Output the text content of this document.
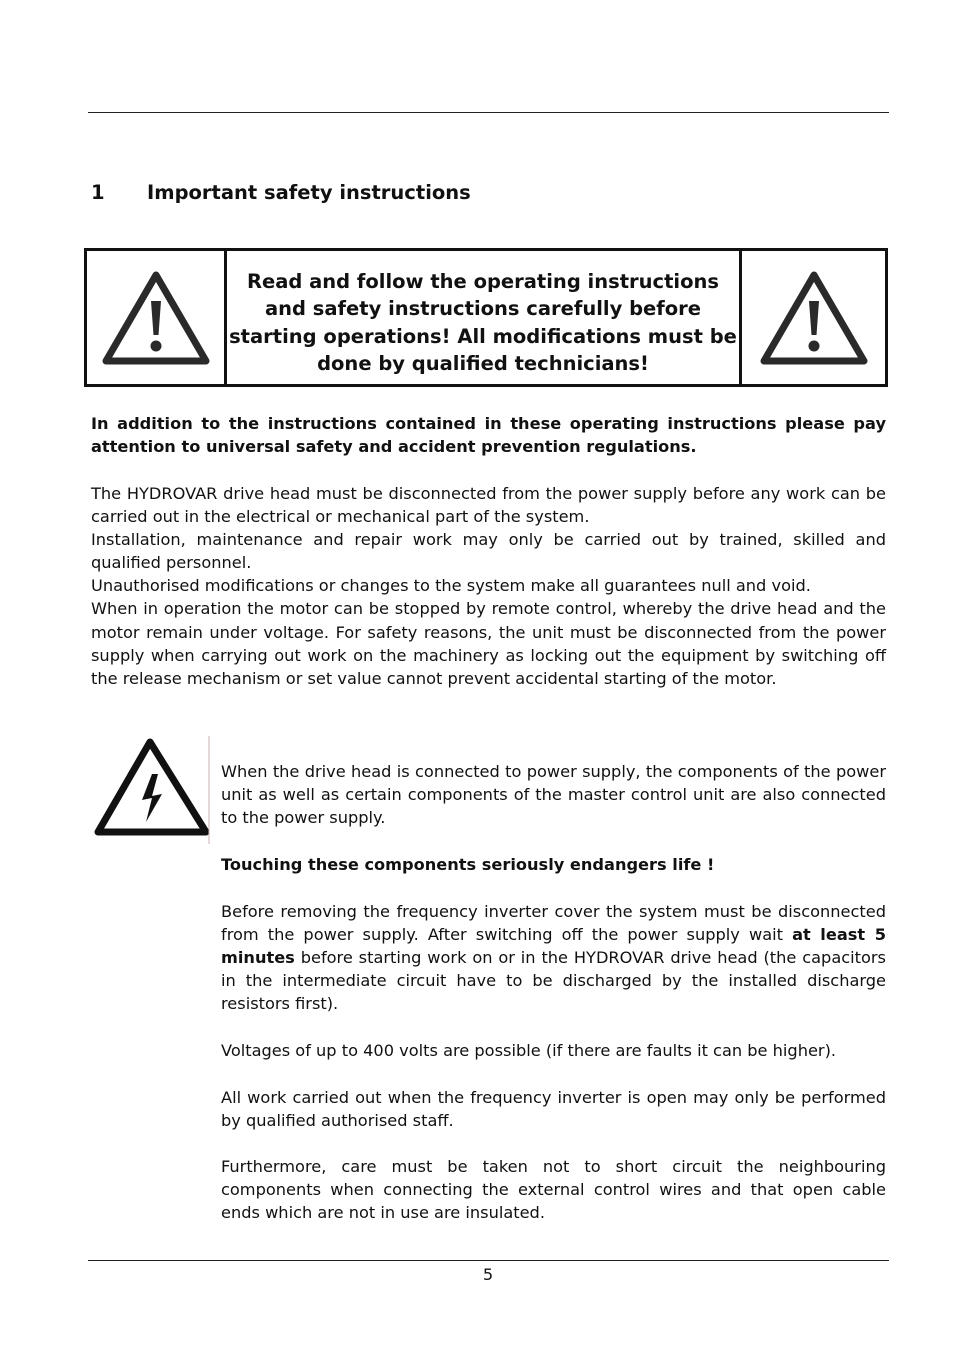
1 Important safety instructions
Read and follow the operating instructions and safety instructions carefully before starting operations! All modifications must be done by qualified technicians!
In addition to the instructions contained in these operating instructions please pay attention to universal safety and accident prevention regulations.

The HYDROVAR drive head must be disconnected from the power supply before any work can be carried out in the electrical or mechanical part of the system.

Installation, maintenance and repair work may only be carried out by trained, skilled and qualified personnel.

Unauthorised modifications or changes to the system make all guarantees null and void.

When in operation the motor can be stopped by remote control, whereby the drive head and the motor remain under voltage. For safety reasons, the unit must be disconnected from the power supply when carrying out work on the machinery as locking out the equipment by switching off the release mechanism or set value cannot prevent accidental starting of the motor.

When the drive head is connected to power supply, the components of the power unit as well as certain components of the master control unit are also connected to the power supply.
Touching these components seriously endangers life !
Before removing the frequency inverter cover the system must be disconnected from the power supply. After switching off the power supply wait at least 5 minutes before starting work on or in the HYDROVAR drive head (the capacitors in the intermediate circuit have to be discharged by the installed discharge resistors first).
Voltages of up to 400 volts are possible (if there are faults it can be higher).
All work carried out when the frequency inverter is open may only be performed by qualified authorised staff.
Furthermore, care must be taken not to short circuit the neighbouring components when connecting the external control wires and that open cable ends which are not in use are insulated.
5
